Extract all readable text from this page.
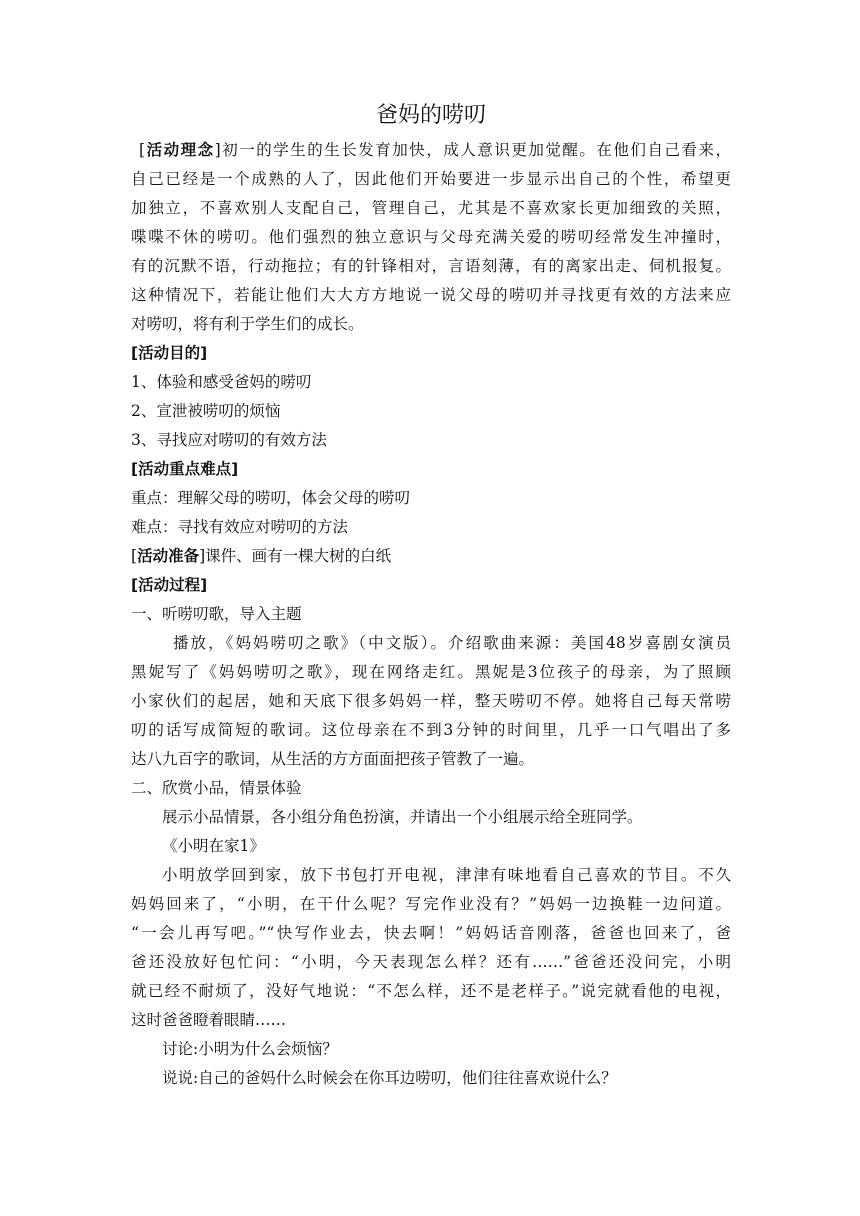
爸妈的唠叨
[活动理念]初一的学生的生长发育加快，成人意识更加觉醒。在他们自己看来，
自己已经是一个成熟的人了，因此他们开始要进一步显示出自己的个性，希望更
加独立，不喜欢别人支配自己，管理自己，尤其是不喜欢家长更加细致的关照，
喋喋不休的唠叨。他们强烈的独立意识与父母充满关爱的唠叨经常发生冲撞时，
有的沉默不语，行动拖拉；有的针锋相对，言语刻薄，有的离家出走、伺机报复。
这种情况下，若能让他们大大方方地说一说父母的唠叨并寻找更有效的方法来应
对唠叨，将有利于学生们的成长。
[活动目的]
1、体验和感受爸妈的唠叨
2、宣泄被唠叨的烦恼
3、寻找应对唠叨的有效方法
[活动重点难点]
重点：理解父母的唠叨，体会父母的唠叨
难点：寻找有效应对唠叨的方法
[活动准备]课件、画有一棵大树的白纸
[活动过程]
一、听唠叨歌，导入主题
播放，《妈妈唠叨之歌》（中文版）。介绍歌曲来源：美国48岁喜剧女演员
黑妮写了《妈妈唠叨之歌》，现在网络走红。黑妮是3位孩子的母亲，为了照顾
小家伙们的起居，她和天底下很多妈妈一样，整天唠叨不停。她将自己每天常唠
叨的话写成简短的歌词。这位母亲在不到3分钟的时间里，几乎一口气唱出了多
达八九百字的歌词，从生活的方方面面把孩子管教了一遍。
二、欣赏小品，情景体验
展示小品情景，各小组分角色扮演，并请出一个小组展示给全班同学。
《小明在家1》
小明放学回到家，放下书包打开电视，津津有味地看自己喜欢的节目。不久
妈妈回来了，“小明，在干什么呢？写完作业没有？”妈妈一边换鞋一边问道。
“一会儿再写吧。”“快写作业去，快去啊！”妈妈话音刚落，爸爸也回来了，爸
爸还没放好包忙问：“小明，今天表现怎么样？还有……”爸爸还没问完，小明
就已经不耐烦了，没好气地说：“不怎么样，还不是老样子。”说完就看他的电视，
这时爸爸瞪着眼睛……
讨论:小明为什么会烦恼？
说说:自己的爸妈什么时候会在你耳边唠叨，他们往往喜欢说什么？
